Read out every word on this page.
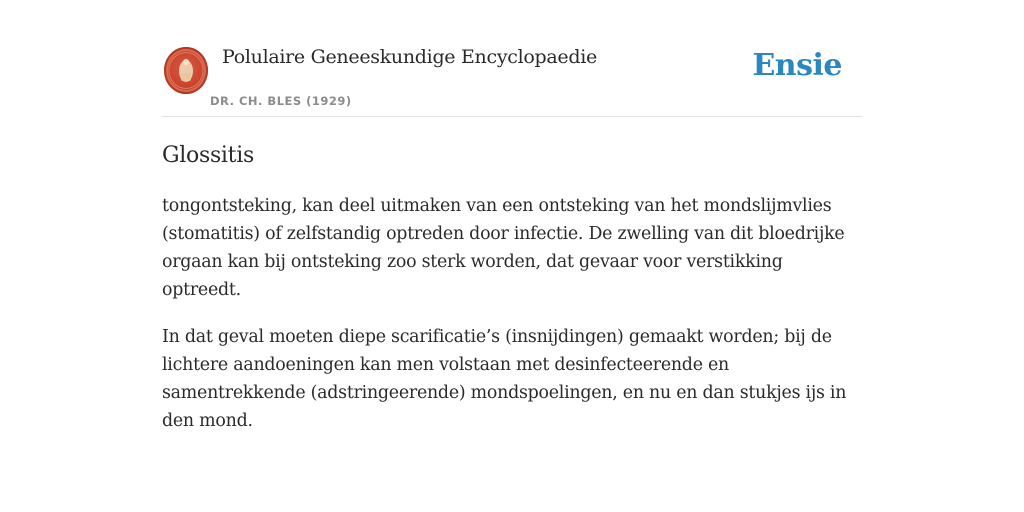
Polulaire Geneeskundige Encyclopaedie
DR. CH. BLES (1929)
Ensie
Glossitis

tongontsteking, kan deel uitmaken van een ontsteking van het mondslijmvlies (stomatitis) of zelfstandig optreden door infectie. De zwelling van dit bloedrijke orgaan kan bij ontsteking zoo sterk worden, dat gevaar voor verstikking optreedt.

In dat geval moeten diepe scarificatie’s (insnijdingen) gemaakt worden; bij de lichtere aandoeningen kan men volstaan met desinfecteerende en samentrekkende (adstringeerende) mondspoelingen, en nu en dan stukjes ijs in den mond.
